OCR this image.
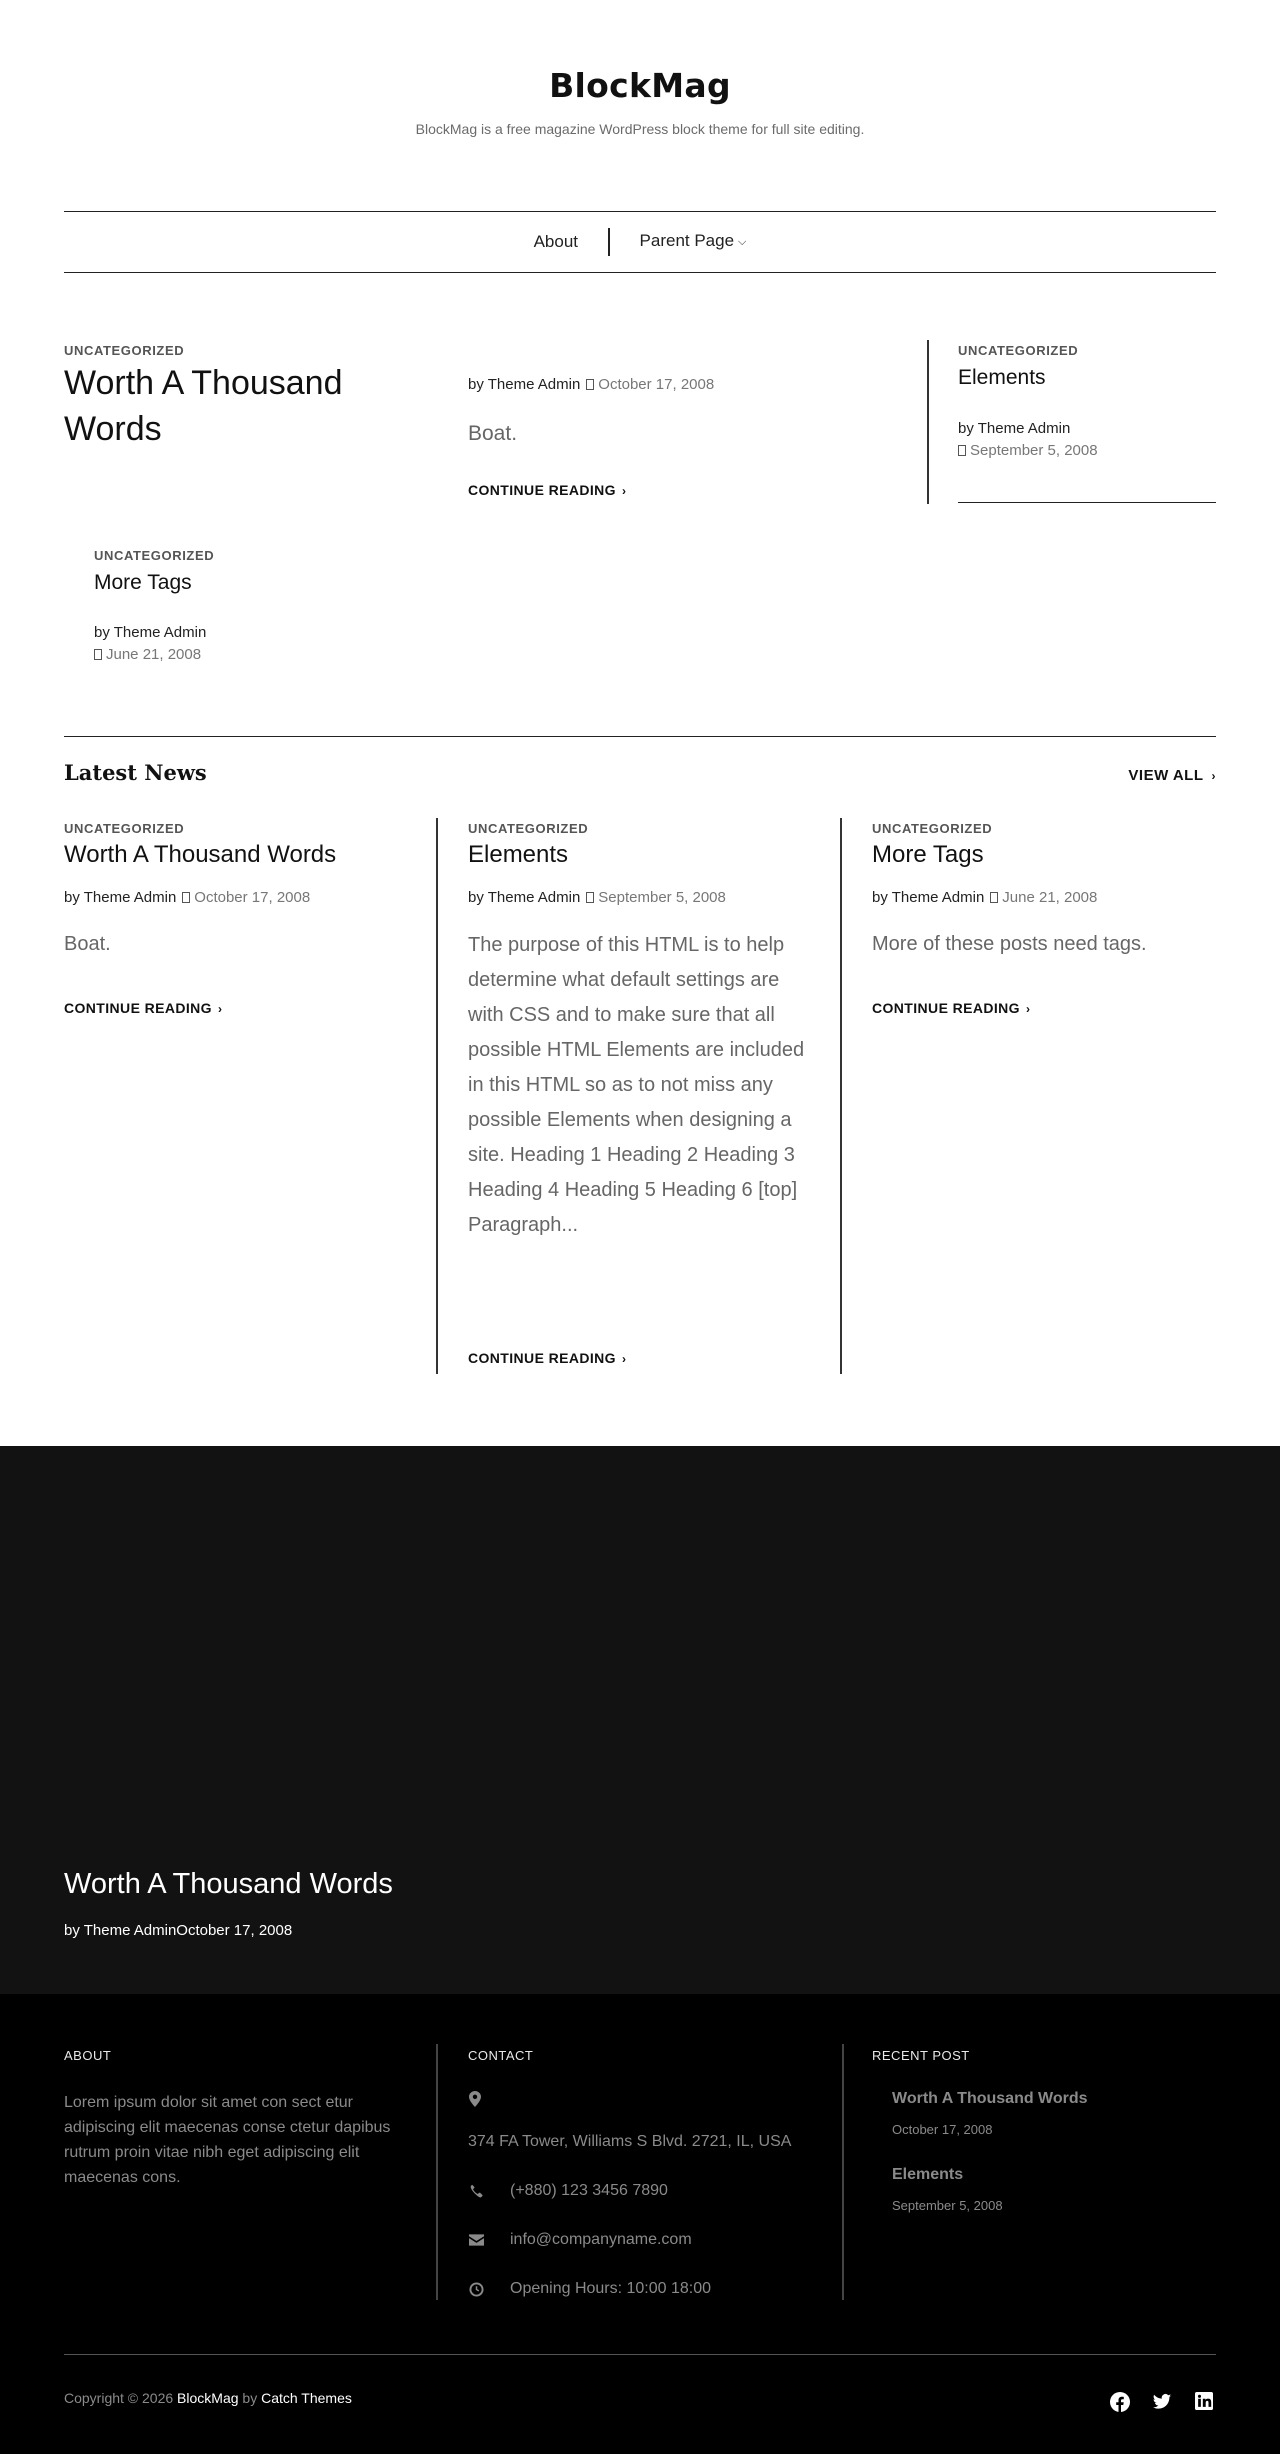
BlockMag
BlockMag is a free magazine WordPress block theme for full site editing.
About	Parent Page ⌵
UNCATEGORIZED
Worth A Thousand Words
by Theme Admin October 17, 2008
Boat.
CONTINUE READING ›
UNCATEGORIZED
Elements
by Theme Admin
September 5, 2008
UNCATEGORIZED
More Tags
by Theme Admin
June 21, 2008
Latest News	VIEW ALL ›
UNCATEGORIZED
Worth A Thousand Words
by Theme Admin October 17, 2008
Boat.
CONTINUE READING ›
UNCATEGORIZED
Elements
by Theme Admin September 5, 2008
The purpose of this HTML is to help determine what default settings are with CSS and to make sure that all possible HTML Elements are included in this HTML so as to not miss any possible Elements when designing a site. Heading 1 Heading 2 Heading 3 Heading 4 Heading 5 Heading 6 [top] Paragraph...
CONTINUE READING ›
UNCATEGORIZED
More Tags
by Theme Admin June 21, 2008
More of these posts need tags.
CONTINUE READING ›
Worth A Thousand Words
by Theme AdminOctober 17, 2008
ABOUT
Lorem ipsum dolor sit amet con sect etur adipiscing elit maecenas conse ctetur dapibus rutrum proin vitae nibh eget adipiscing elit maecenas cons.
CONTACT
374 FA Tower, Williams S Blvd. 2721, IL, USA
(+880) 123 3456 7890
info@companyname.com
Opening Hours: 10:00 18:00
RECENT POST
Worth A Thousand Words
October 17, 2008
Elements
September 5, 2008
Copyright © 2026 BlockMag by Catch Themes
